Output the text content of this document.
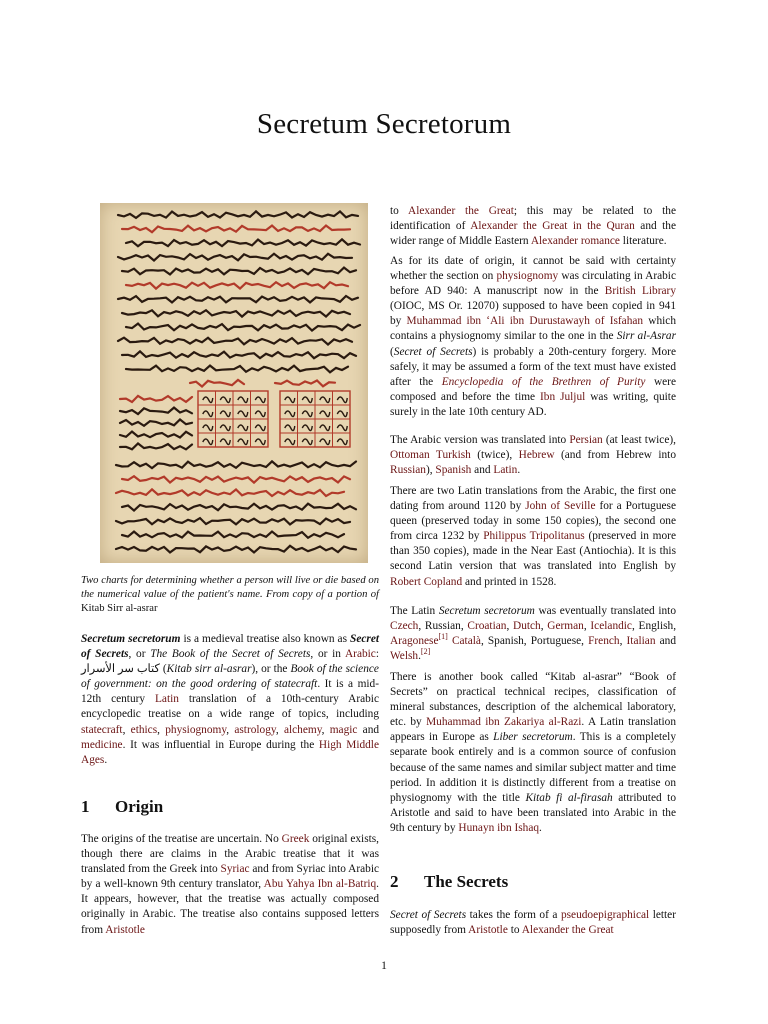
Secretum Secretorum

Two charts for determining whether a person will live or die based on the numerical value of the patient's name. From copy of a portion of Kitab Sirr al-asrar

Secretum secretorum is a medieval treatise also known as Secret of Secrets, or The Book of the Secret of Secrets, or in Arabic: كتاب سر الأسرار (Kitab sirr al-asrar), or the Book of the science of government: on the good ordering of statecraft. It is a mid-12th century Latin translation of a 10th-century Arabic encyclopedic treatise on a wide range of topics, including statecraft, ethics, physiognomy, astrology, alchemy, magic and medicine. It was influential in Europe during the High Middle Ages.

1 Origin

The origins of the treatise are uncertain. No Greek original exists, though there are claims in the Arabic treatise that it was translated from the Greek into Syriac and from Syriac into Arabic by a well-known 9th century translator, Abu Yahya Ibn al-Batriq. It appears, however, that the treatise was actually composed originally in Arabic. The treatise also contains supposed letters from Aristotle

to Alexander the Great; this may be related to the identification of Alexander the Great in the Quran and the wider range of Middle Eastern Alexander romance literature.

As for its date of origin, it cannot be said with certainty whether the section on physiognomy was circulating in Arabic before AD 940: A manuscript now in the British Library (OIOC, MS Or. 12070) supposed to have been copied in 941 by Muhammad ibn ‘Ali ibn Durustawayh of Isfahan which contains a physiognomy similar to the one in the Sirr al-Asrar (Secret of Secrets) is probably a 20th-century forgery. More safely, it may be assumed a form of the text must have existed after the Encyclopedia of the Brethren of Purity were composed and before the time Ibn Juljul was writing, quite surely in the late 10th century AD.

The Arabic version was translated into Persian (at least twice), Ottoman Turkish (twice), Hebrew (and from Hebrew into Russian), Spanish and Latin.

There are two Latin translations from the Arabic, the first one dating from around 1120 by John of Seville for a Portuguese queen (preserved today in some 150 copies), the second one from circa 1232 by Philippus Tripolitanus (preserved in more than 350 copies), made in the Near East (Antiochia). It is this second Latin version that was translated into English by Robert Copland and printed in 1528.

The Latin Secretum secretorum was eventually translated into Czech, Russian, Croatian, Dutch, German, Icelandic, English, Aragonese[1] Català, Spanish, Portuguese, French, Italian and Welsh.[2]

There is another book called “Kitab al-asrar” “Book of Secrets” on practical technical recipes, classification of mineral substances, description of the alchemical laboratory, etc. by Muhammad ibn Zakariya al-Razi. A Latin translation appears in Europe as Liber secretorum. This is a completely separate book entirely and is a common source of confusion because of the same names and similar subject matter and time period. In addition it is distinctly different from a treatise on physiognomy with the title Kitab fi al-firasah attributed to Aristotle and said to have been translated into Arabic in the 9th century by Hunayn ibn Ishaq.

2 The Secrets

Secret of Secrets takes the form of a pseudoepigraphical letter supposedly from Aristotle to Alexander the Great

1
